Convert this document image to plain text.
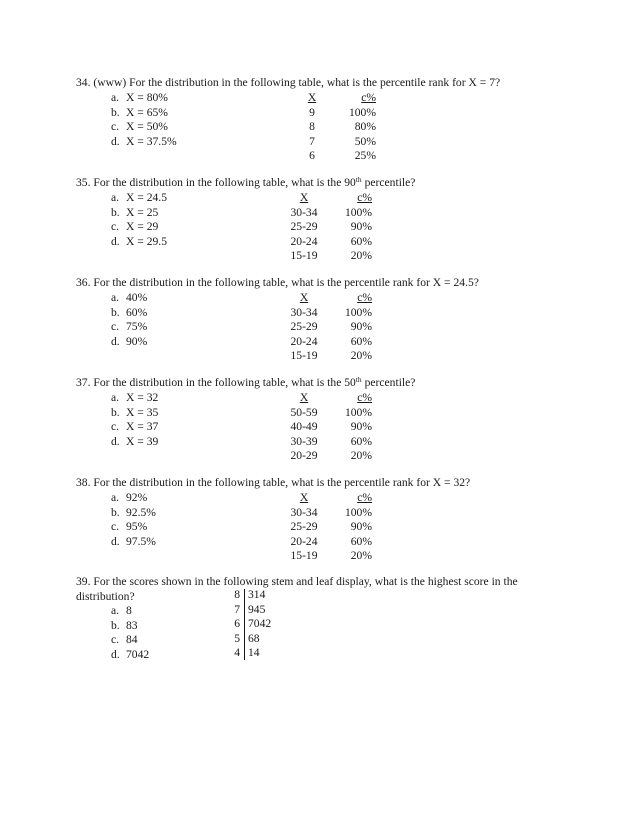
34. (www) For the distribution in the following table, what is the percentile rank for X = 7?
a. X = 80%
b. X = 65%
c. X = 50%
d. X = 37.5%
X	c%
9	100%
8	80%
7	50%
6	25%
35. For the distribution in the following table, what is the 90th percentile?
a. X = 24.5
b. X = 25
c. X = 29
d. X = 29.5
X	c%
30-34	100%
25-29	90%
20-24	60%
15-19	20%
36. For the distribution in the following table, what is the percentile rank for X = 24.5?
a. 40%
b. 60%
c. 75%
d. 90%
X	c%
30-34	100%
25-29	90%
20-24	60%
15-19	20%
37. For the distribution in the following table, what is the 50th percentile?
a. X = 32
b. X = 35
c. X = 37
d. X = 39
X	c%
50-59	100%
40-49	90%
30-39	60%
20-29	20%
38. For the distribution in the following table, what is the percentile rank for X = 32?
a. 92%
b. 92.5%
c. 95%
d. 97.5%
X	c%
30-34	100%
25-29	90%
20-24	60%
15-19	20%
39. For the scores shown in the following stem and leaf display, what is the highest score in the distribution?
a. 8
b. 83
c. 84
d. 7042
8 314
7 945
6 7042
5 68
4 14
